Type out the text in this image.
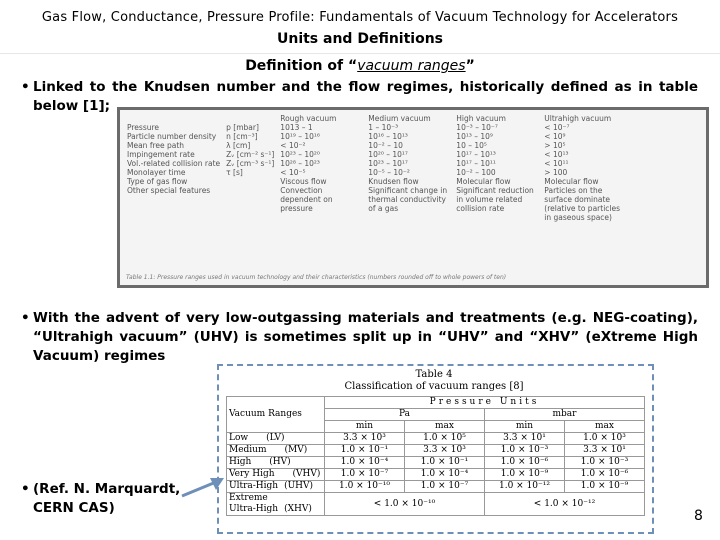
Gas Flow, Conductance, Pressure Profile: Fundamentals of Vacuum Technology for Accelerators
Units and Definitions
Definition of “vacuum ranges”
• Linked to the Knudsen number and the flow regimes, historically defined as in table below [1];
		Rough vacuum	Medium vacuum	High vacuum	Ultrahigh vacuum
Pressure	p [mbar]	1013 – 1	1 – 10⁻³	10⁻³ – 10⁻⁷	< 10⁻⁷
Particle number density	n [cm⁻³]	10¹⁹ – 10¹⁶	10¹⁶ – 10¹³	10¹³ – 10⁹	< 10⁹
Mean free path	λ [cm]	< 10⁻²	10⁻² – 10	10 – 10⁵	> 10⁵
Impingement rate	Zᵥ [cm⁻² s⁻¹]	10²³ – 10²⁰	10²⁰ – 10¹⁷	10¹⁷ – 10¹³	< 10¹³
Vol.-related collision rate	Zᵥ [cm⁻³ s⁻¹]	10²⁸ – 10²³	10²³ – 10¹⁷	10¹⁷ – 10¹¹	< 10¹¹
Monolayer time	τ [s]	< 10⁻⁵	10⁻⁵ – 10⁻²	10⁻² – 100	> 100
Type of gas flow		Viscous flow	Knudsen flow	Molecular flow	Molecular flow

Other special features		Convection dependent on pressure	Significant change in thermal conductivity of a gas	Significant reduction in volume related collision rate	Particles on the surface dominate (relative to particles in gaseous space)
Table 1.1: Pressure ranges used in vacuum technology and their characteristics (numbers rounded off to whole powers of ten)
• With the advent of very low-outgassing materials and treatments (e.g. NEG-coating), “Ultrahigh vacuum” (UHV) is sometimes split up in “UHV” and “XHV” (eXtreme High Vacuum) regimes
Table 4
Classification of vacuum ranges [8]
Vacuum Ranges	Pressure Units			
	Pa		mbar	
	min	max	min	max
Low (LV)	3.3 × 10³	1.0 × 10⁵	3.3 × 10¹	1.0 × 10³
Medium (MV)	1.0 × 10⁻¹	3.3 × 10³	1.0 × 10⁻³	3.3 × 10¹
High (HV)	1.0 × 10⁻⁴	1.0 × 10⁻¹	1.0 × 10⁻⁶	1.0 × 10⁻³
Very High (VHV)	1.0 × 10⁻⁷	1.0 × 10⁻⁴	1.0 × 10⁻⁹	1.0 × 10⁻⁶
Ultra-High (UHV)	1.0 × 10⁻¹⁰	1.0 × 10⁻⁷	1.0 × 10⁻¹²	1.0 × 10⁻⁹

Extreme
Ultra-High (XHV)	< 1.0 × 10⁻¹⁰		< 1.0 × 10⁻¹²	
• (Ref. N. Marquardt, CERN CAS)	8
